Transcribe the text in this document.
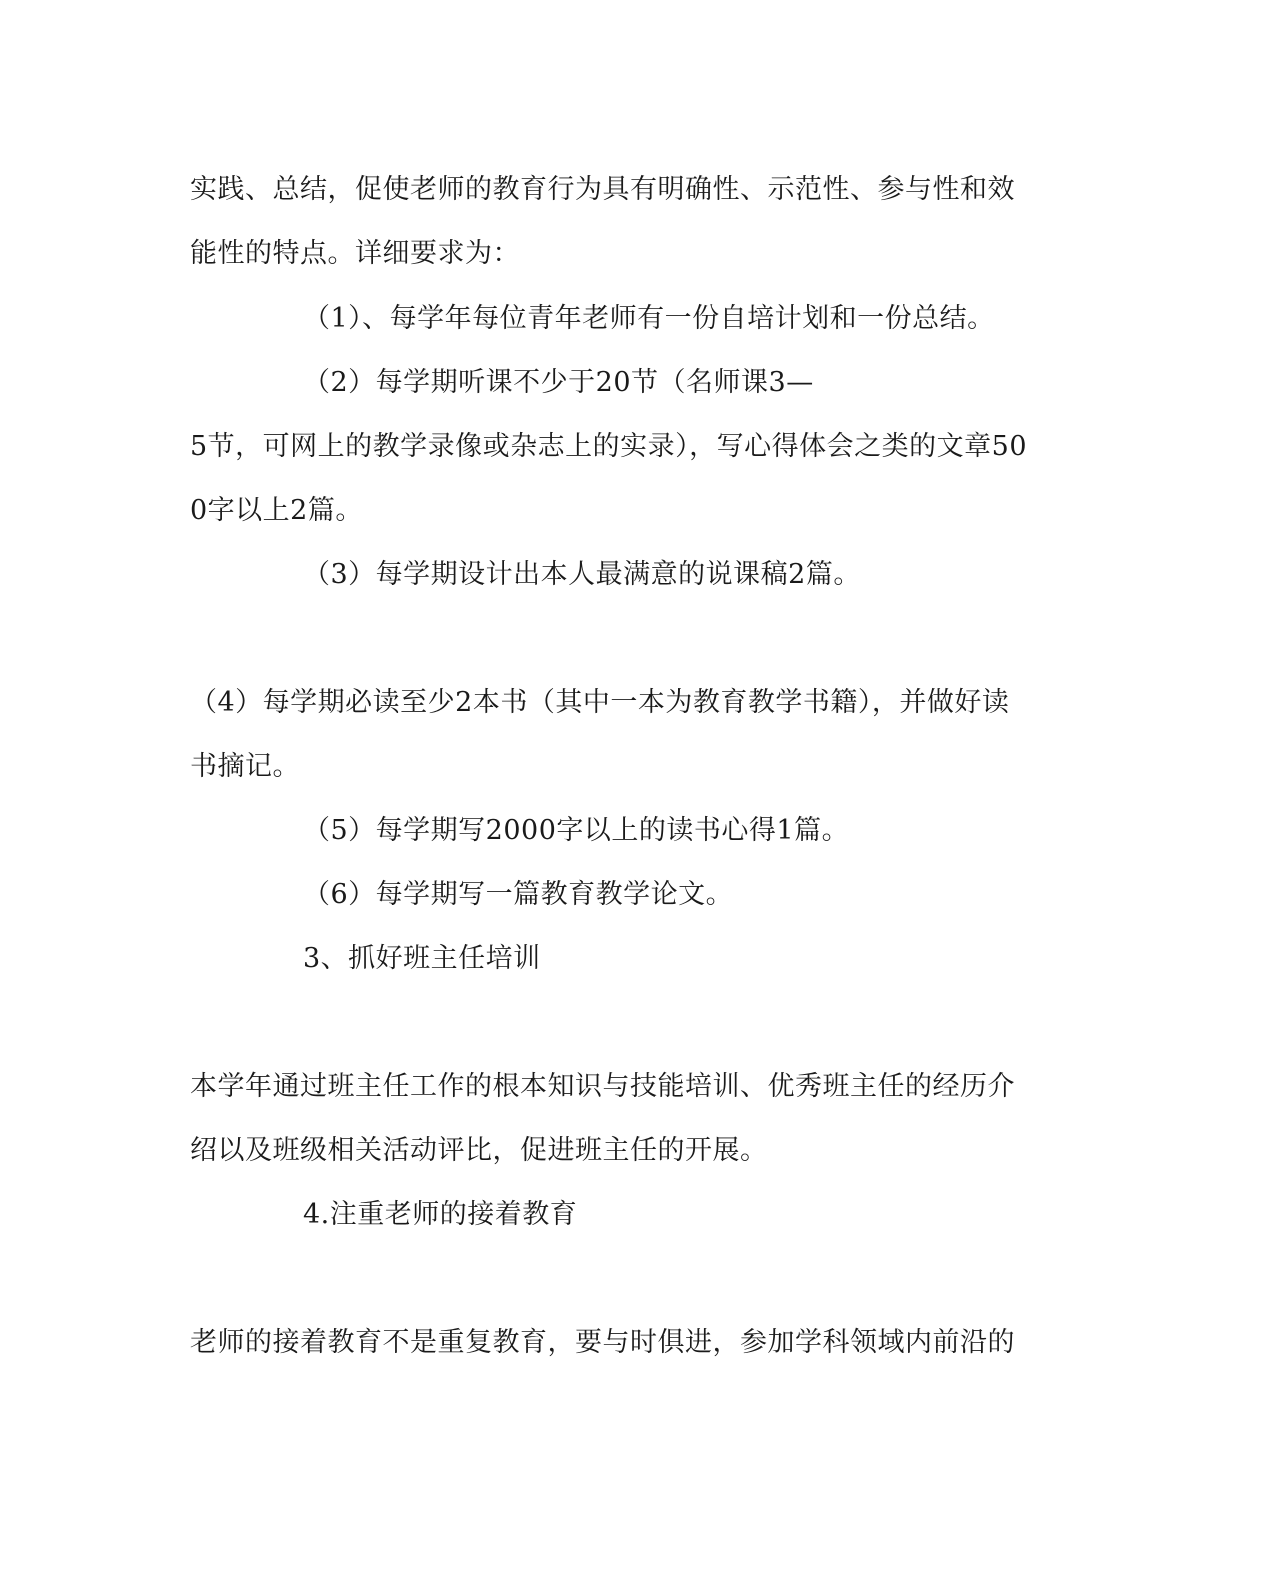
实践、总结，促使老师的教育行为具有明确性、示范性、参与性和效
能性的特点。详细要求为：
（1）、每学年每位青年老师有一份自培计划和一份总结。
（2）每学期听课不少于20节（名师课3—
5节，可网上的教学录像或杂志上的实录），写心得体会之类的文章50
0字以上2篇。
（3）每学期设计出本人最满意的说课稿2篇。
（4）每学期必读至少2本书（其中一本为教育教学书籍），并做好读
书摘记。
（5）每学期写2000字以上的读书心得1篇。
（6）每学期写一篇教育教学论文。
3、抓好班主任培训
本学年通过班主任工作的根本知识与技能培训、优秀班主任的经历介
绍以及班级相关活动评比，促进班主任的开展。
4.注重老师的接着教育
老师的接着教育不是重复教育，要与时俱进，参加学科领域内前沿的
